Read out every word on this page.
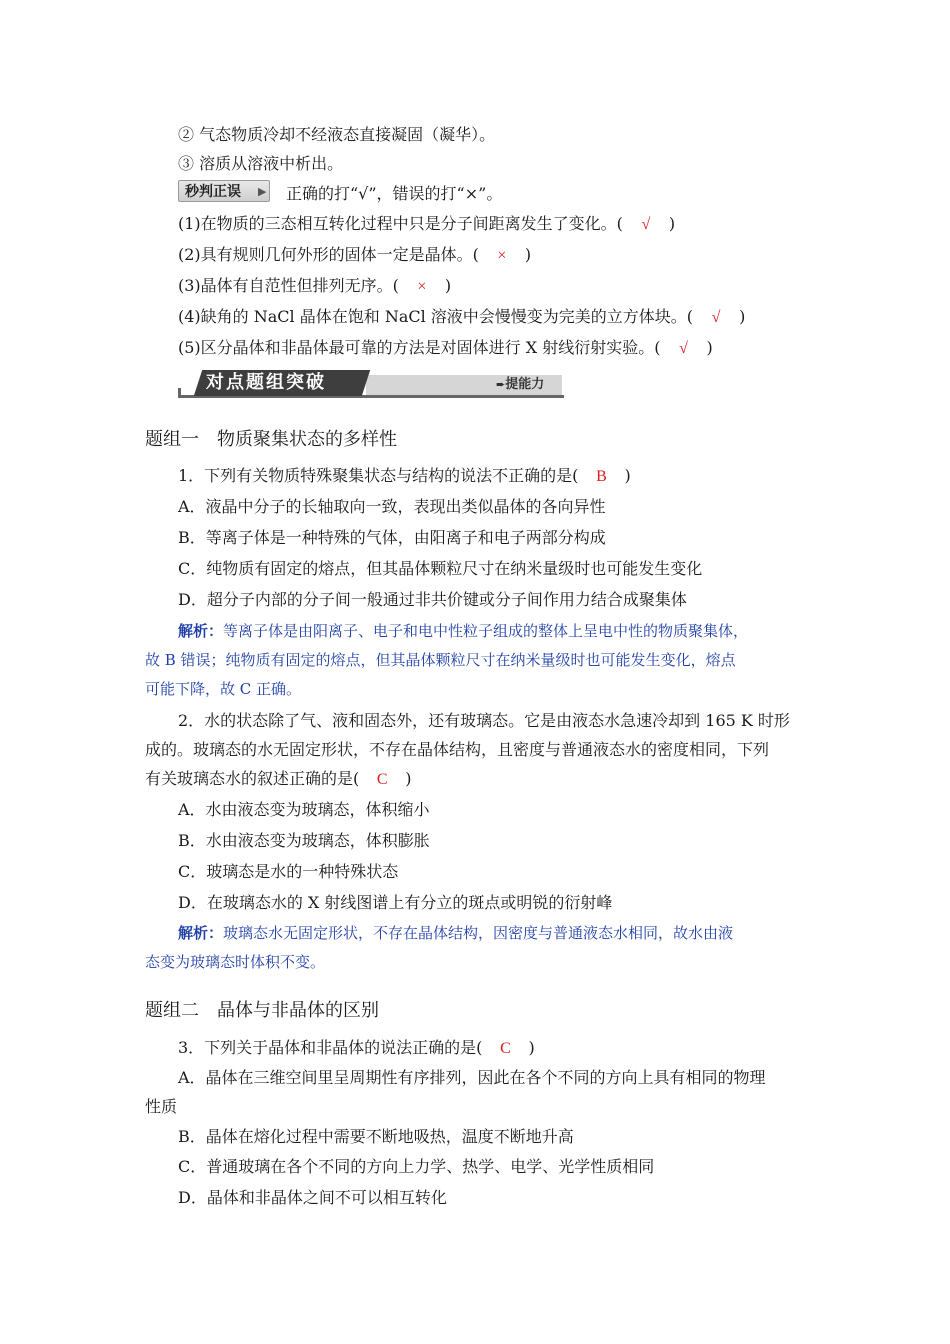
② 气态物质冷却不经液态直接凝固（凝华）。
③ 溶质从溶液中析出。
秒判正误	▶ 正确的打“√”，错误的打“×”。
(1)在物质的三态相互转化过程中只是分子间距离发生了变化。( √ )
(2)具有规则几何外形的固体一定是晶体。( × )
(3)晶体有自范性但排列无序。( × )
(4)缺角的 NaCl 晶体在饱和 NaCl 溶液中会慢慢变为完美的立方体块。( √ )
(5)区分晶体和非晶体最可靠的方法是对固体进行 X 射线衍射实验。( √ )
对点题组突破	➨提能力
题组一　物质聚集状态的多样性
1．下列有关物质特殊聚集状态与结构的说法不正确的是( B )
A．液晶中分子的长轴取向一致，表现出类似晶体的各向异性
B．等离子体是一种特殊的气体，由阳离子和电子两部分构成
C．纯物质有固定的熔点，但其晶体颗粒尺寸在纳米量级时也可能发生变化
D．超分子内部的分子间一般通过非共价键或分子间作用力结合成聚集体
解析：等离子体是由阳离子、电子和电中性粒子组成的整体上呈电中性的物质聚集体，
故 B 错误；纯物质有固定的熔点，但其晶体颗粒尺寸在纳米量级时也可能发生变化，熔点
可能下降，故 C 正确。
2．水的状态除了气、液和固态外，还有玻璃态。它是由液态水急速冷却到 165 K 时形
成的。玻璃态的水无固定形状，不存在晶体结构，且密度与普通液态水的密度相同，下列
有关玻璃态水的叙述正确的是( C )
A．水由液态变为玻璃态，体积缩小
B．水由液态变为玻璃态，体积膨胀
C．玻璃态是水的一种特殊状态
D．在玻璃态水的 X 射线图谱上有分立的斑点或明锐的衍射峰
解析：玻璃态水无固定形状，不存在晶体结构，因密度与普通液态水相同，故水由液
态变为玻璃态时体积不变。
题组二　晶体与非晶体的区别
3．下列关于晶体和非晶体的说法正确的是( C )
A．晶体在三维空间里呈周期性有序排列，因此在各个不同的方向上具有相同的物理
性质
B．晶体在熔化过程中需要不断地吸热，温度不断地升高
C．普通玻璃在各个不同的方向上力学、热学、电学、光学性质相同
D．晶体和非晶体之间不可以相互转化
